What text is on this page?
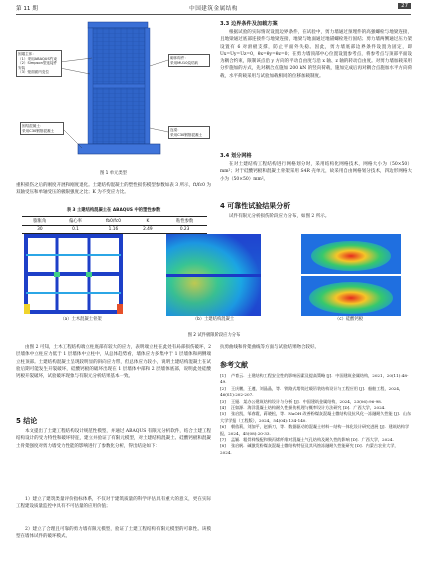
第 11 期	中国建筑金属结构	27
固端主体：
（1）采用ABAQUS约束
（2）Simpson型连接件安装
（3）壁面面内变位
固结混凝土：
采用C30钢筋混凝土
砌体构件：
采用MU10烧结砖
连梁：
采用C30钢筋混凝土
图 1 单元类型
重积损伤之后的刚度开展和刚度退化。土建结构混凝土的塑性损伤模型参数如表 3 所示，ft/fc0 为双轴受压和单轴受压的极限强度之比；K 为不变应力比。
表 3 土建结构混凝土在 ABAQUS 中的塑性参数
膨胀角	偏心率	fb0/fc0	K	粘性参数
30	0.1	1.16	2.49	0.23
3.3 边界条件及加载方案
根据试验的实际情况设置边界条件，在试验中，剪力墙通过预埋件的高强螺栓与地梁连接，且地梁通过底部连接件与地梁连接，地梁与地面通过地锚螺栓进行固结；剪力墙两侧通过压力架设置有 6 对滑板支撑，防止平面外失稳。因此，剪力墙底部边界条件设置为固定，即 Ux=Uy=Uz=0，θx=θy=θz=0；在剪力墙顶部中心位置设置参考点，将参考点与顶部平面设为耦合约束，限制该点沿 y 方向的平动自由度与沿 x 轴、z 轴的转动自由度。对剪力墙加载采用分步施加的方式，先对耦合点施加 200 kN 的竖向荷载，施加完成后再对耦合点施加水平方向荷载，水平荷载采用与试验加载相同的位移加载制度。
3.4 划分网格
在对土建结构工程结构进行网格划分时，采用结构化网格技术，网格大小为（50×50）mm²；对于硅酸钙板和混凝土骨架采用 S4R 壳单元，故采用自由网格划分技术，四边形网格大小为（50×50）mm²。
4 可靠性试验结果分析
试件有限元分析损伤阶段应力分布，如图 2 所示。
（a）土木混凝土骨架	（b）土建结构混凝土	（c）硅酸钙板
图 2 试件极限阶段应力分布
由图 2 可知，土木工程结构端立柱底部有较大的应力，表明端立柱在此处有局部损伤破坏，2 层墙体中立柱应力低于 1 层墙体中立柱中，从总体趋势看，墙体应力多集中于 1 层墙体和两侧端立柱顶部。土建结构混凝土呈现较明显的斜向应力带，但总体应力较小，说明土建结构混凝土在试验后期可能发生开裂破坏，硅酸钙板的破坏出现在 1 层墙体中部和 2 层墙体底部，说明此处硅酸钙板开裂破坏，试验破坏现象与有限元分析结果基本一致。
5 结论
本文提出了土建工程结构设计规范性模型，并通过 ABAQUS 有限元分析软件，结合土建工程结构设计的受力特性和破坏特征，建立并验证了有限元模型，对土建结构混凝土、硅酸钙板和混凝土骨架强度对剪力墙受力性能的影响进行了参数化分析，得出结论如下：
1）建立了建筑类量评价指标体系，不仅对于建筑质量的科学评估具有重大的意义，更在实际工程建设质量监控中具有不可估量的应用价值；
2）建立了合理且可靠的剪力墙有限元模型，验证了土建工程结构有限元模型的可靠性。该模型在墙体试件的破坏模式、
抗剪曲线和骨架曲线等方面与试验结果吻合较好。
参考文献
[1] 卢育云．土建结构工程安全性的影响因素及提高策略 [J]．中国建筑金属结构，2021，20(11):48-49．
[2] 王庆鹏，王遵，刘晶晶，等．铁路式塔筒过载吊装结构设计与工程应用 [J]．船舶工程，2024，46(S1):202-207．
[3] 王娅．某办公建筑结构设计与分析 [J]．中国建筑金属结构，2024，23(06):96-98．
[4] 汪如源．海洋混凝土结构耐久性损伤机理与概率设计方法研究 [D]．广西大学，2024．
[5] 张启凯，邹春霞，蒋晓松，等．NaOH 改善粉煤灰混凝土微结构及抗风化一冻融耐久性能 [J]．山东大学学报（工程版），2024，54(04):134-140．
[6] 朝依莉，刘加平，赵新刀，等．数据驱动的混凝土材料－结构一体化设计研究进展 [J]．建筑结构学报，2024，45(08):20-33．
[7] 孟颖．粗骨料级配和聚丙烯纤维对混凝土气孔结构及耐久性的影响 [D]．广西大学，2024．
[8] 张启帆．碱激发粉煤灰混凝土微结构特征及其风蚀冻融耐久性能研究 [D]．内蒙古农业大学，2024．
